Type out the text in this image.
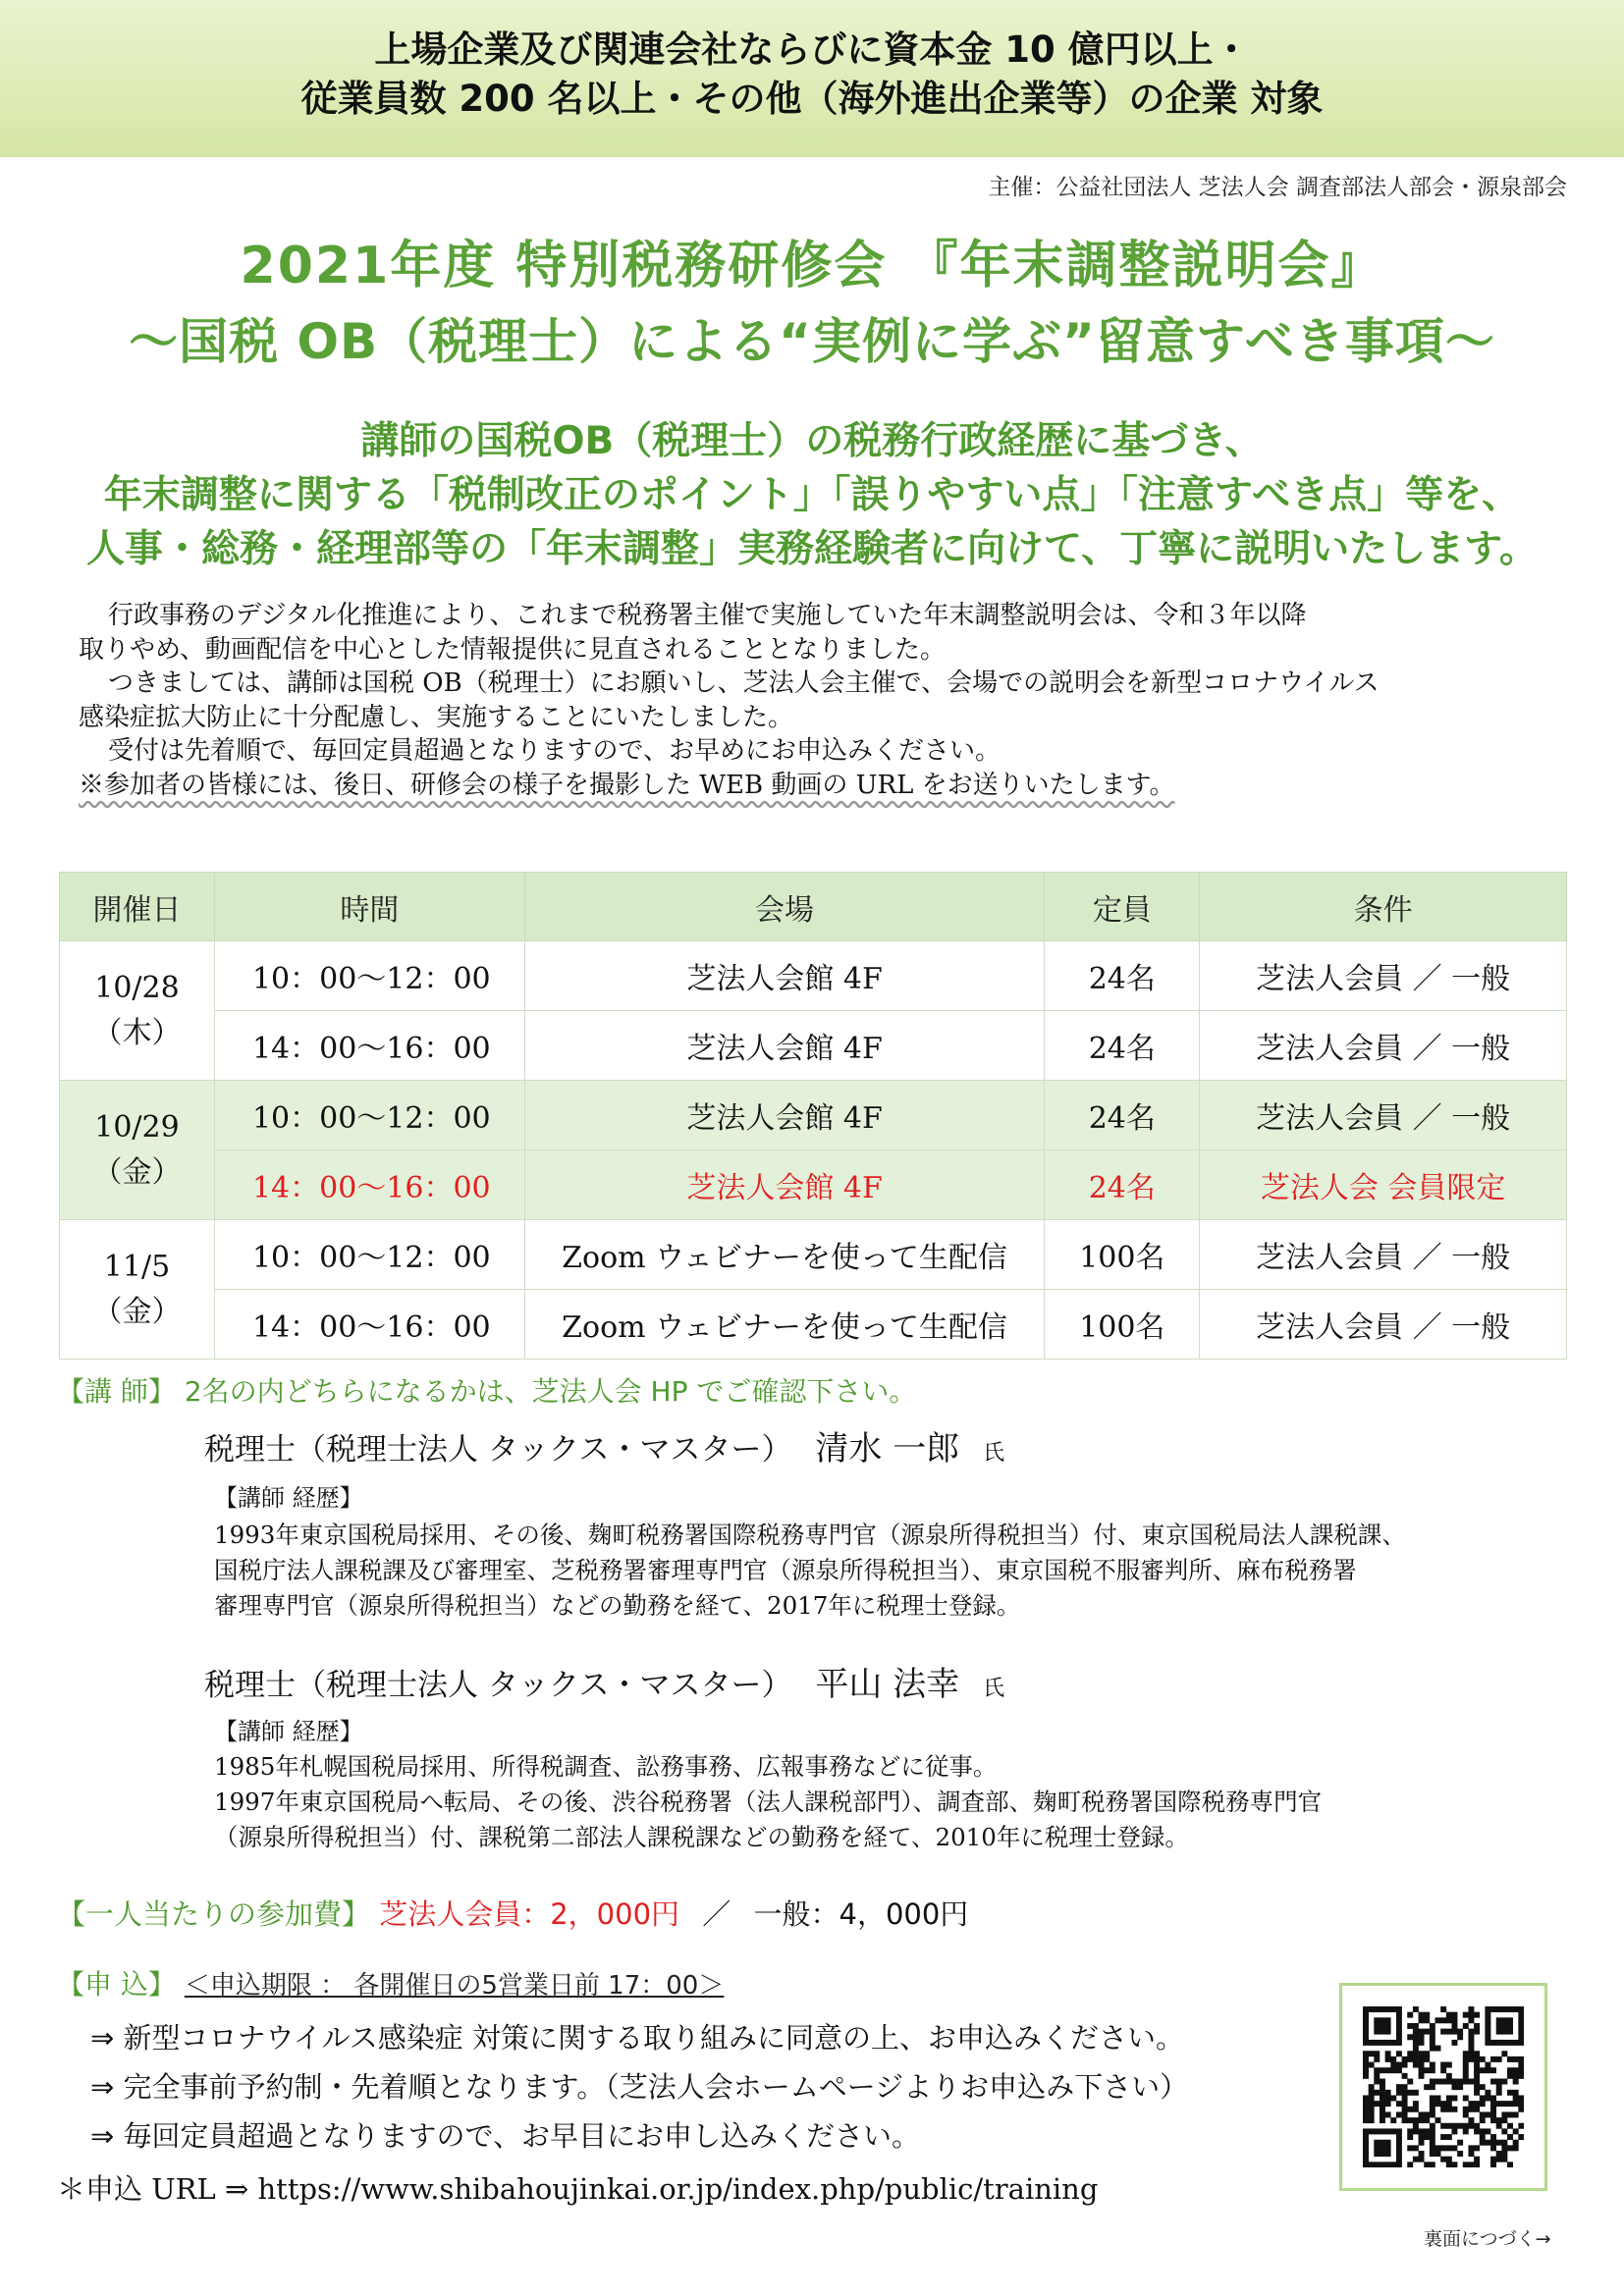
上場企業及び関連会社ならびに資本金 10 億円以上・
従業員数 200 名以上・その他（海外進出企業等）の企業 対象
主催：公益社団法人 芝法人会 調査部法人部会・源泉部会
2021年度 特別税務研修会 『年末調整説明会』
～国税 OB（税理士）による“実例に学ぶ”留意すべき事項～
講師の国税OB（税理士）の税務行政経歴に基づき、
年末調整に関する「税制改正のポイント」「誤りやすい点」「注意すべき点」等を、
人事・総務・経理部等の「年末調整」実務経験者に向けて、丁寧に説明いたします。

行政事務のデジタル化推進により、これまで税務署主催で実施していた年末調整説明会は、令和３年以降

取りやめ、動画配信を中心とした情報提供に見直されることとなりました。

つきましては、講師は国税 OB（税理士）にお願いし、芝法人会主催で、会場での説明会を新型コロナウイルス

感染症拡大防止に十分配慮し、実施することにいたしました。

受付は先着順で、毎回定員超過となりますので、お早めにお申込みください。

※参加者の皆様には、後日、研修会の様子を撮影した WEB 動画の URL をお送りいたします。

開催日	時間	会場	定員	条件
10/28
（木）	10：00～12：00	芝法人会館 4F	24名	芝法人会員 ／ 一般
	14：00～16：00	芝法人会館 4F	24名	芝法人会員 ／ 一般
10/29
（金）	10：00～12：00	芝法人会館 4F	24名	芝法人会員 ／ 一般
	14：00～16：00	芝法人会館 4F	24名	芝法人会 会員限定
11/5
（金）	10：00～12：00	Zoom ウェビナーを使って生配信	100名	芝法人会員 ／ 一般
	14：00～16：00	Zoom ウェビナーを使って生配信	100名	芝法人会員 ／ 一般
【講 師】 2名の内どちらになるかは、芝法人会 HP でご確認下さい。
税理士（税理士法人 タックス・マスター） 清水 一郎 氏
【講師 経歴】

1993年東京国税局採用、その後、麹町税務署国際税務専門官（源泉所得税担当）付、東京国税局法人課税課、

国税庁法人課税課及び審理室、芝税務署審理専門官（源泉所得税担当）、東京国税不服審判所、麻布税務署

審理専門官（源泉所得税担当）などの勤務を経て、2017年に税理士登録。

税理士（税理士法人 タックス・マスター） 平山 法幸 氏
【講師 経歴】

1985年札幌国税局採用、所得税調査、訟務事務、広報事務などに従事。

1997年東京国税局へ転局、その後、渋谷税務署（法人課税部門）、調査部、麹町税務署国際税務専門官

（源泉所得税担当）付、課税第二部法人課税課などの勤務を経て、2010年に税理士登録。

【一人当たりの参加費】 芝法人会員：2，000円 ／ 一般：4，000円
【申 込】 ＜申込期限 ： 各開催日の5営業日前 17：00＞
⇒ 新型コロナウイルス感染症 対策に関する取り組みに同意の上、お申込みください。
⇒ 完全事前予約制・先着順となります。（芝法人会ホームページよりお申込み下さい）
⇒ 毎回定員超過となりますので、お早目にお申し込みください。
＊申込 URL ⇒ https://www.shibahoujinkai.or.jp/index.php/public/training
裏面につづく→
